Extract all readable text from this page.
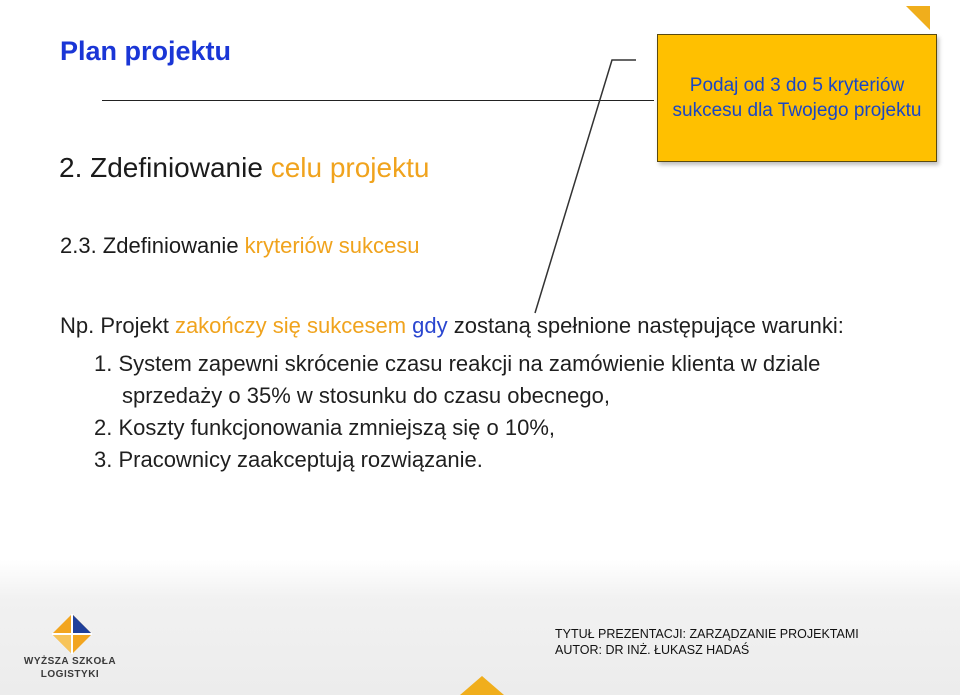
Plan projektu
Podaj od 3 do 5 kryteriów sukcesu dla Twojego projektu
2. Zdefiniowanie celu projektu
2.3. Zdefiniowanie kryteriów sukcesu

Np. Projekt zakończy się sukcesem gdy zostaną spełnione następujące warunki:

1. System zapewni skrócenie czasu reakcji na zamówienie klienta w dziale sprzedaży o 35% w stosunku do czasu obecnego,

2. Koszty funkcjonowania zmniejszą się o 10%,

3. Pracownicy zaakceptują rozwiązanie.

WYŻSZA SZKOŁA
LOGISTYKI
TYTUŁ PREZENTACJI: ZARZĄDZANIE PROJEKTAMI
AUTOR: DR INŻ. ŁUKASZ HADAŚ
